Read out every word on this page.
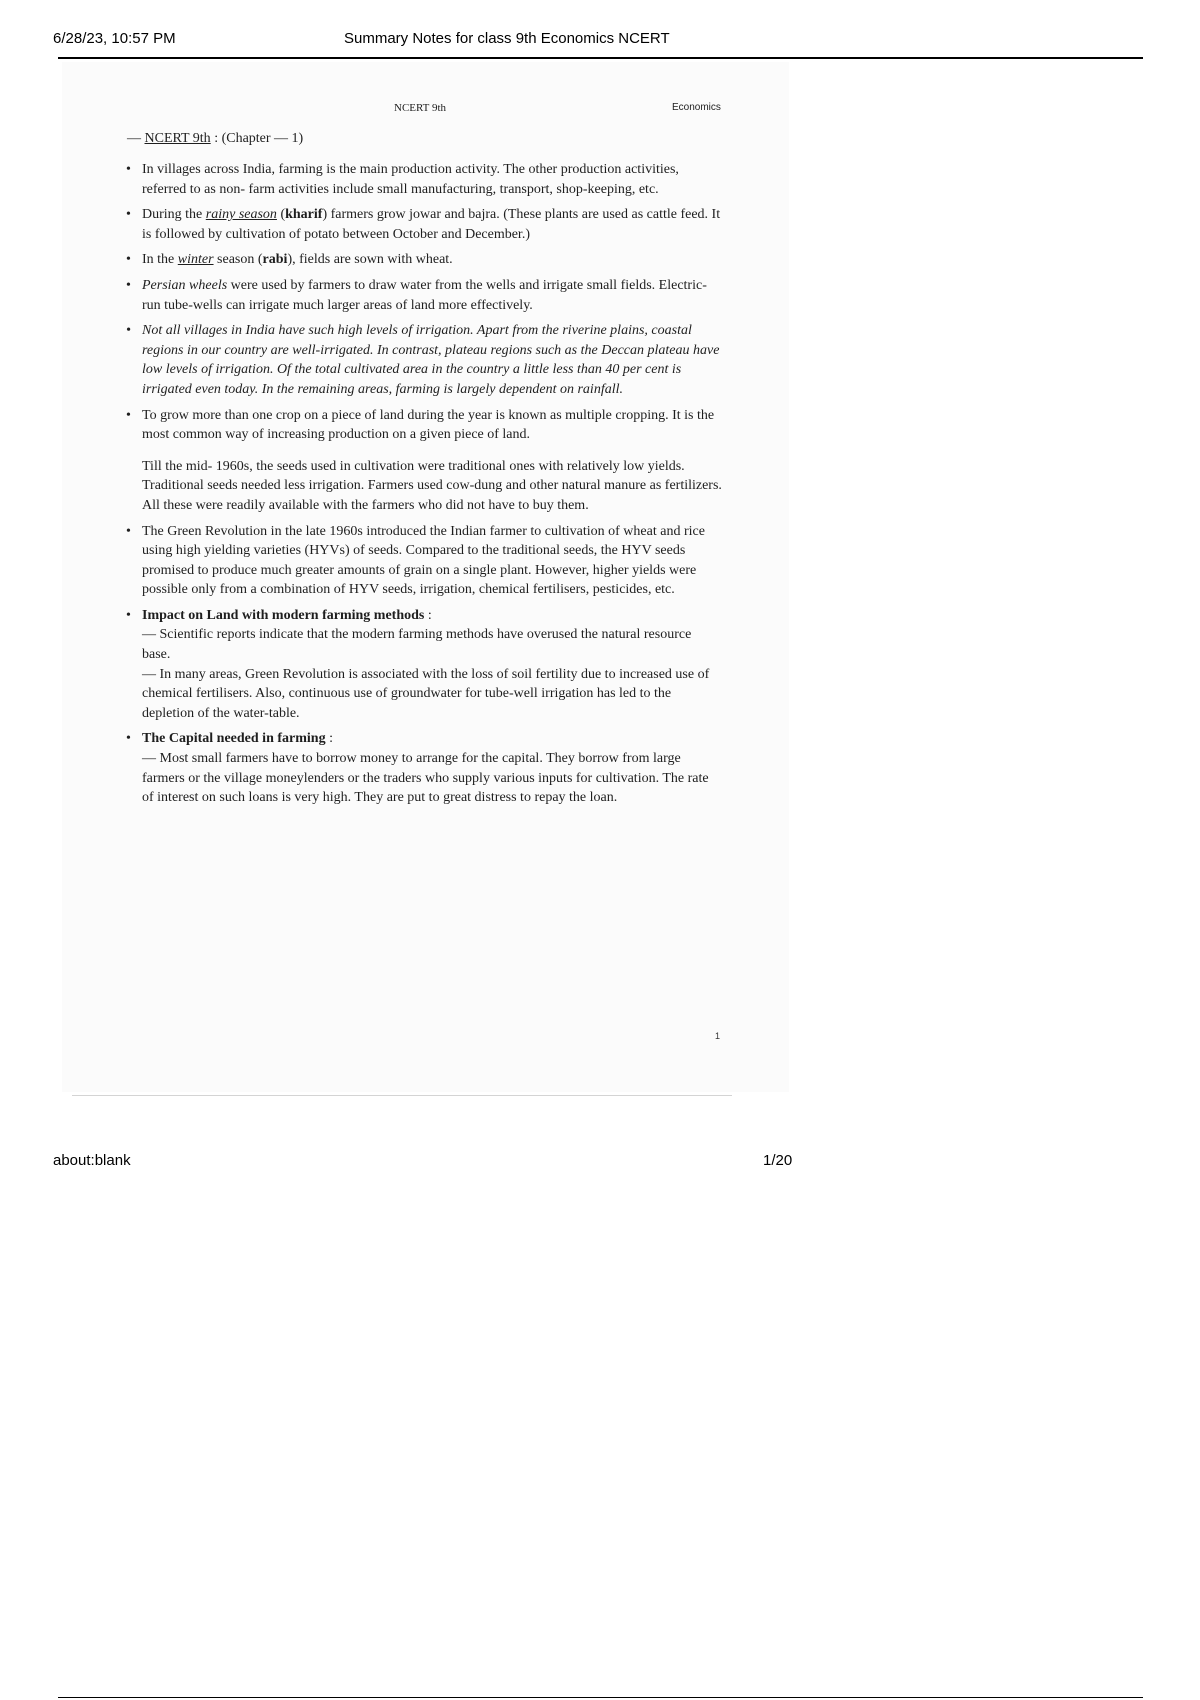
6/28/23, 10:57 PM	Summary Notes for class 9th Economics NCERT
NCERT 9th	Economics
— NCERT 9th : (Chapter — 1)
• In villages across India, farming is the main production activity. The other production activities, referred to as non- farm activities include small manufacturing, transport, shop-keeping, etc.
• During the rainy season (kharif) farmers grow jowar and bajra. (These plants are used as cattle feed. It is followed by cultivation of potato between October and December.)
• In the winter season (rabi), fields are sown with wheat.
• Persian wheels were used by farmers to draw water from the wells and irrigate small fields. Electric-run tube-wells can irrigate much larger areas of land more effectively.
• Not all villages in India have such high levels of irrigation. Apart from the riverine plains, coastal regions in our country are well-irrigated. In contrast, plateau regions such as the Deccan plateau have low levels of irrigation. Of the total cultivated area in the country a little less than 40 per cent is irrigated even today. In the remaining areas, farming is largely dependent on rainfall.
• To grow more than one crop on a piece of land during the year is known as multiple cropping. It is the most common way of increasing production on a given piece of land.
Till the mid- 1960s, the seeds used in cultivation were traditional ones with relatively low yields. Traditional seeds needed less irrigation. Farmers used cow-dung and other natural manure as fertilizers. All these were readily available with the farmers who did not have to buy them.
• The Green Revolution in the late 1960s introduced the Indian farmer to cultivation of wheat and rice using high yielding varieties (HYVs) of seeds. Compared to the traditional seeds, the HYV seeds promised to produce much greater amounts of grain on a single plant. However, higher yields were possible only from a combination of HYV seeds, irrigation, chemical fertilisers, pesticides, etc.
• Impact on Land with modern farming methods :
— Scientific reports indicate that the modern farming methods have overused the natural resource base.
— In many areas, Green Revolution is associated with the loss of soil fertility due to increased use of chemical fertilisers. Also, continuous use of groundwater for tube-well irrigation has led to the depletion of the water-table.
• The Capital needed in farming :
— Most small farmers have to borrow money to arrange for the capital. They borrow from large farmers or the village moneylenders or the traders who supply various inputs for cultivation. The rate of interest on such loans is very high. They are put to great distress to repay the loan.
1
about:blank	1/20
